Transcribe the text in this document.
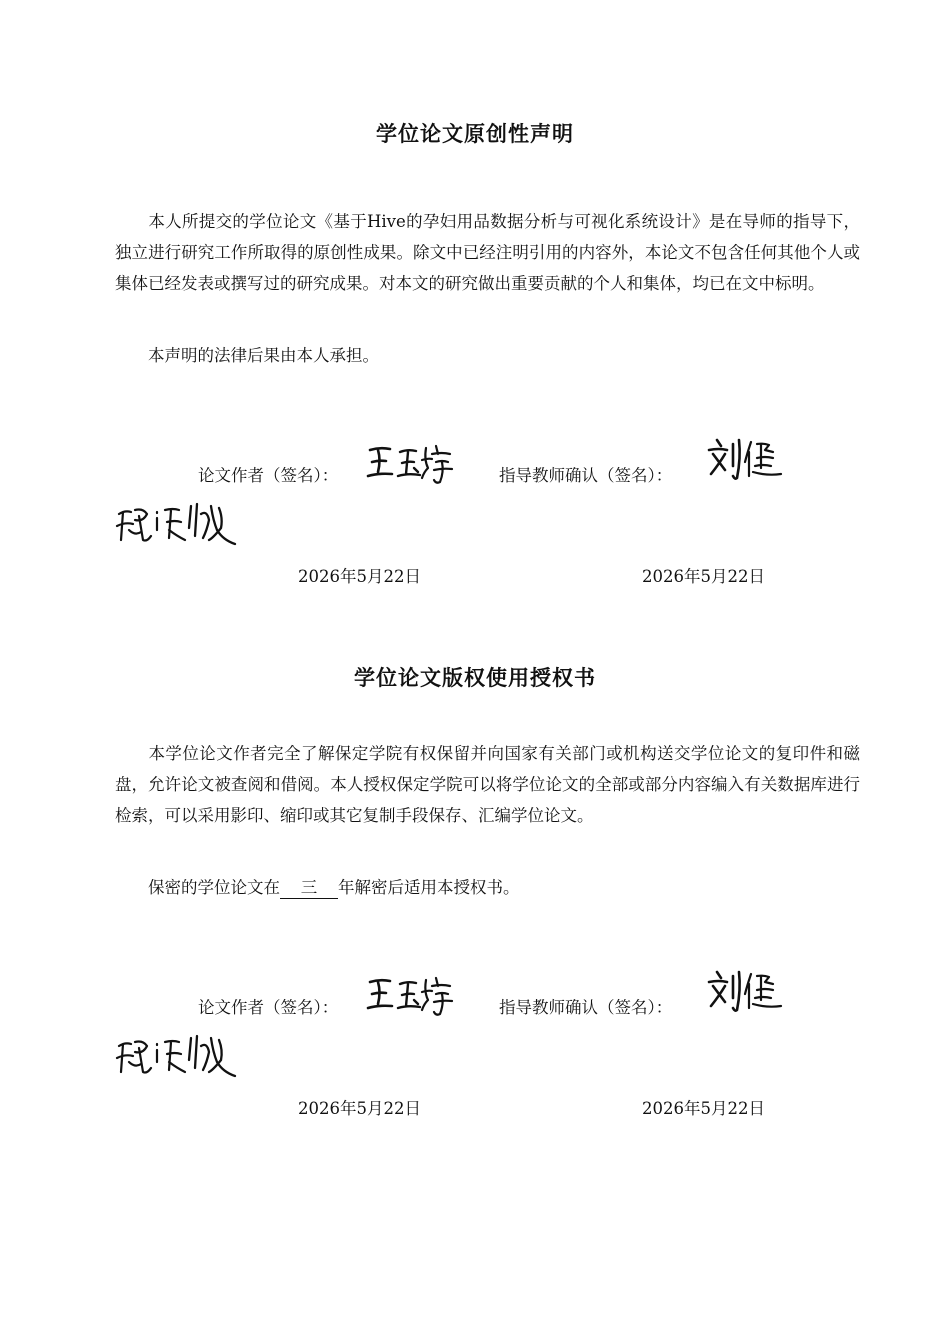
学位论文原创性声明
本人所提交的学位论文《基于Hive的孕妇用品数据分析与可视化系统设计》是在导师的指导下，独立进行研究工作所取得的原创性成果。除文中已经注明引用的内容外，本论文不包含任何其他个人或集体已经发表或撰写过的研究成果。对本文的研究做出重要贡献的个人和集体，均已在文中标明。
本声明的法律后果由本人承担。
论文作者（签名）：	指导教师确认（签名）：
2026年5月22日	2026年5月22日
学位论文版权使用授权书
本学位论文作者完全了解保定学院有权保留并向国家有关部门或机构送交学位论文的复印件和磁盘，允许论文被查阅和借阅。本人授权保定学院可以将学位论文的全部或部分内容编入有关数据库进行检索，可以采用影印、缩印或其它复制手段保存、汇编学位论文。
保密的学位论文在 三 年解密后适用本授权书。
论文作者（签名）：	指导教师确认（签名）：
2026年5月22日	2026年5月22日
